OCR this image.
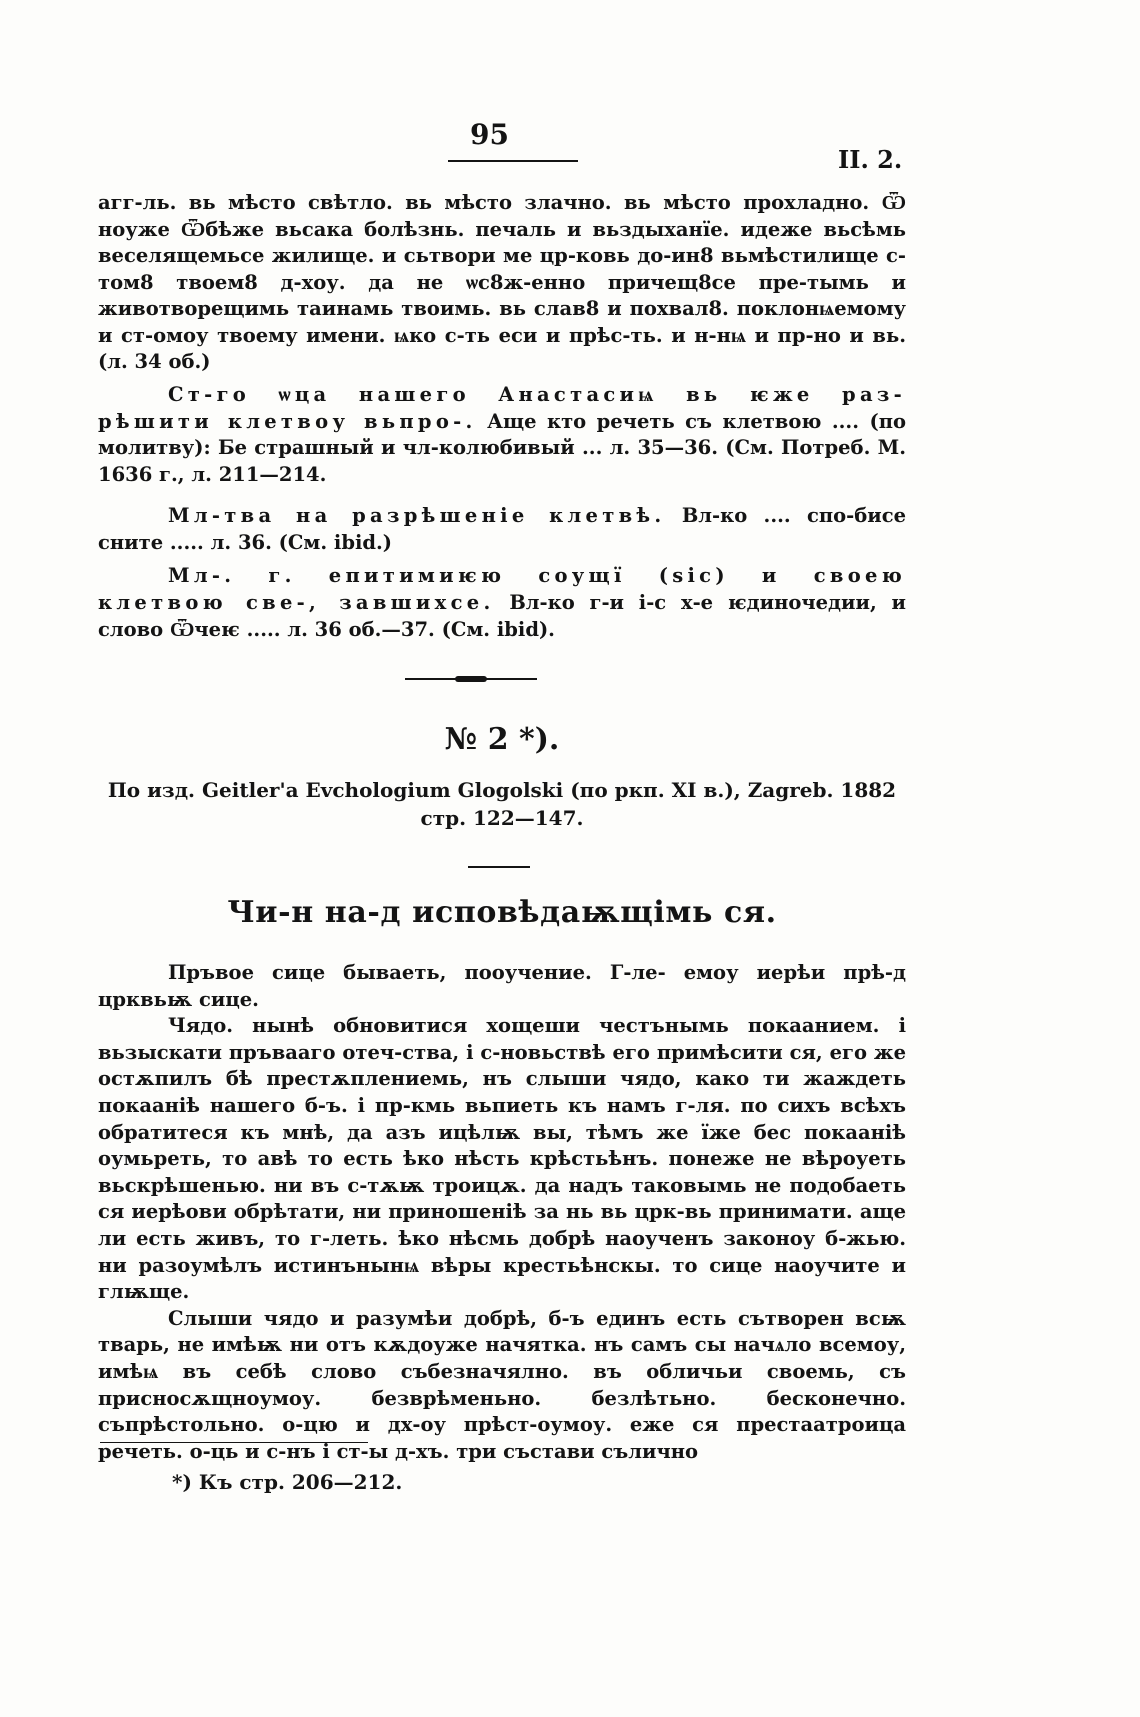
95
II. 2.

агг-ль. вь мѣсто свѣтло. вь мѣсто злачно. вь мѣсто прохладно. Ѿ ноужe Ѿбѣже вьсака болѣзнь. печаль и вьздыханїе. идеже вьсѣмь веселящемьсе жилище. и сьтвори ме цр-ковь до-ин8 вьмѣстилище с-том8 твоем8 д-хоу. да не ѡс8ж-енно причещ8се пре-тымь и животворещимь таинамь твоимь. вь слав8 и похвал8. поклонѩемому и ст-омоу твоему имени. ѩко с-ть еси и прѣс-ть. и н-нѩ и пр-но и вь. (л. 34 об.)

Ст-го ѡца нашего Анастасиѩ вь ѥже раз-рѣшити клетвоу вьпро-. Аще кто речеть съ клетвою .... (по молитву): Бе страшный и чл-колюбивый ... л. 35—36. (См. Потреб. М. 1636 г., л. 211—214.

Мл-тва на разрѣшеніе клетвѣ. Вл-ко .... спо-бисе сните ..... л. 36. (См. ibid.)

Мл-. г. епитимиѥю соущї (sic) и своею клетвою све-, завшихсе. Вл-ко г-и і-с х-е ѥдиночедии, и слово Ѿчеѥ ..... л. 36 об.—37. (См. ibid).

№ 2 *).
По изд. Geitler'а Evchologium Glogolski (по ркп. XI в.), Zagreb. 1882
стр. 122—147.
Чи-н на-д исповѣдаѭщімь ся.

Пръвое сице бываеть, пооучение. Г-ле- емоу иерѣи прѣ-д црквьѭ сице.

Чядо. нынѣ обновитися хощеши честънымь покаанием. і вьзыскати пръвааго отеч-ства, і с-новьствѣ его примѣсити ся, его же остѫпилъ бѣ престѫплениемь, нъ слыши чядо, како ти жаждеть покаанiѣ нашего б-ъ. і пр-кмь вьпиеть къ намъ г-ля. по сихъ всѣхъ обратитеся къ мнѣ, да азъ ицѣлѭ вы, тѣмъ же їже бес покаанiѣ оумьреть, то авѣ то есть ѣко нѣсть крѣстьѣнъ. понеже не вѣроуеть вьскрѣшенью. ни въ с-тѫѭ троицѫ. да надъ таковымь не подобаеть ся иерѣови обрѣтати, ни приношенiѣ за нь вь црк-вь принимати. аще ли есть живъ, то г-леть. ѣко нѣсмь добрѣ наоученъ законоу б-жью. ни разоумѣлъ истинънынѩ вѣры крестьѣнскы. то сице наоучите и глѭще.

Слыши чядо и разумѣи добрѣ, б-ъ единъ есть сътворен всѭ тварь, не имѣѭ ни отъ кѫдоуже начятка. нъ самъ сы начѧло всемоу, имѣѩ въ себѣ слово събезначялно. въ обличьи своемь, съ присносѫщноумоу. безврѣменьно. безлѣтьно. бесконечно. съпрѣстольно. о-цю и дх-оу прѣст-оумоу. еже ся престаатроица речеть. о-ць и с-нъ і ст-ы д-хъ. три състави сълично

*) Къ стр. 206—212.
